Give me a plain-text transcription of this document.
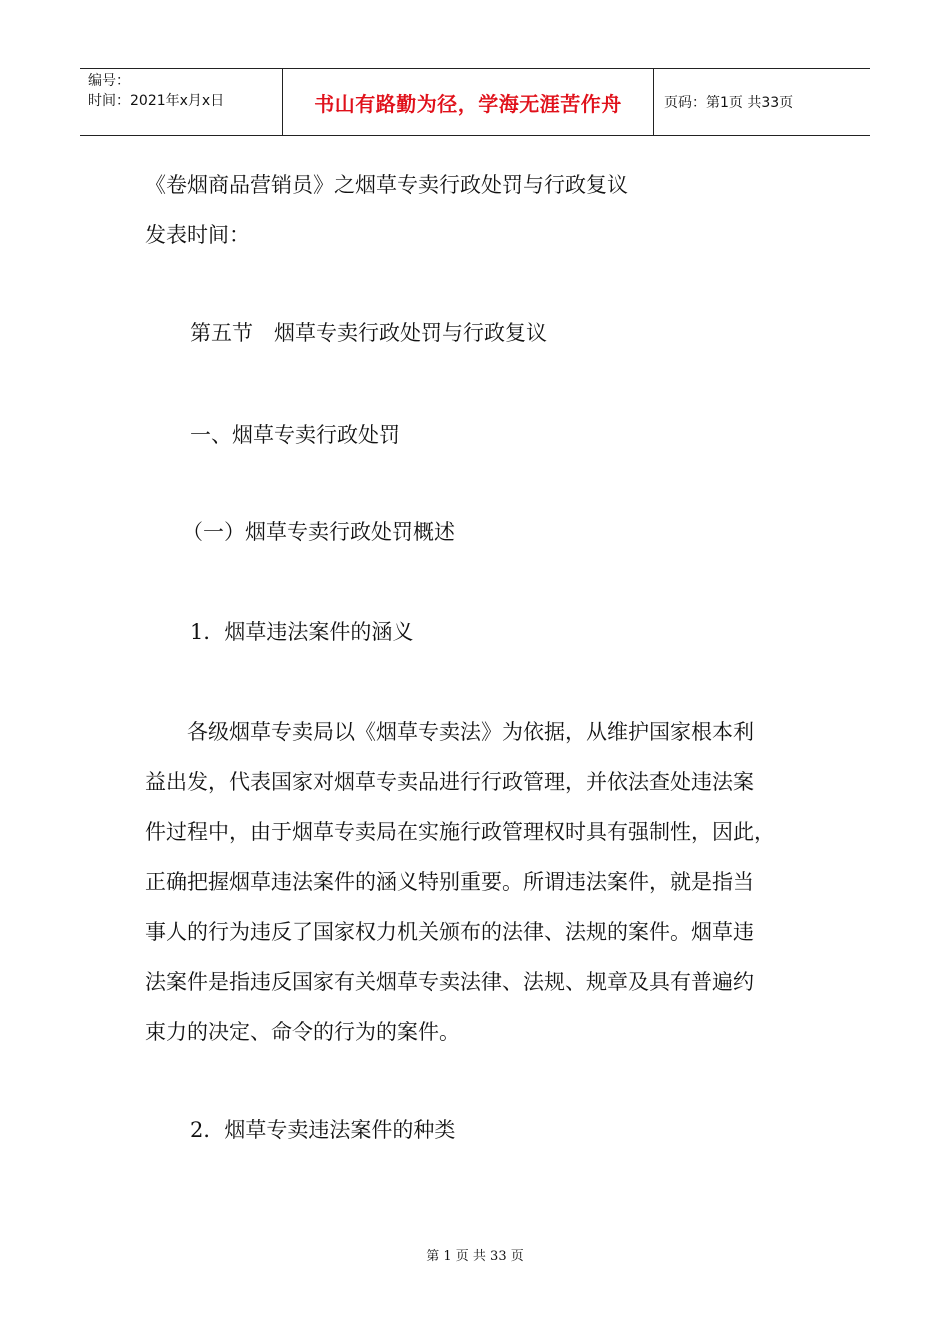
编号：
时间：2021年x月x日	书山有路勤为径，学海无涯苦作舟	页码：第1页 共33页
《卷烟商品营销员》之烟草专卖行政处罚与行政复议
发表时间：
第五节　烟草专卖行政处罚与行政复议
一、烟草专卖行政处罚
（一）烟草专卖行政处罚概述
1．烟草违法案件的涵义
　　各级烟草专卖局以《烟草专卖法》为依据，从维护国家根本利
益出发，代表国家对烟草专卖品进行行政管理，并依法查处违法案
件过程中，由于烟草专卖局在实施行政管理权时具有强制性，因此，
正确把握烟草违法案件的涵义特别重要。所谓违法案件，就是指当
事人的行为违反了国家权力机关颁布的法律、法规的案件。烟草违
法案件是指违反国家有关烟草专卖法律、法规、规章及具有普遍约
束力的决定、命令的行为的案件。
2．烟草专卖违法案件的种类
第 1 页 共 33 页
